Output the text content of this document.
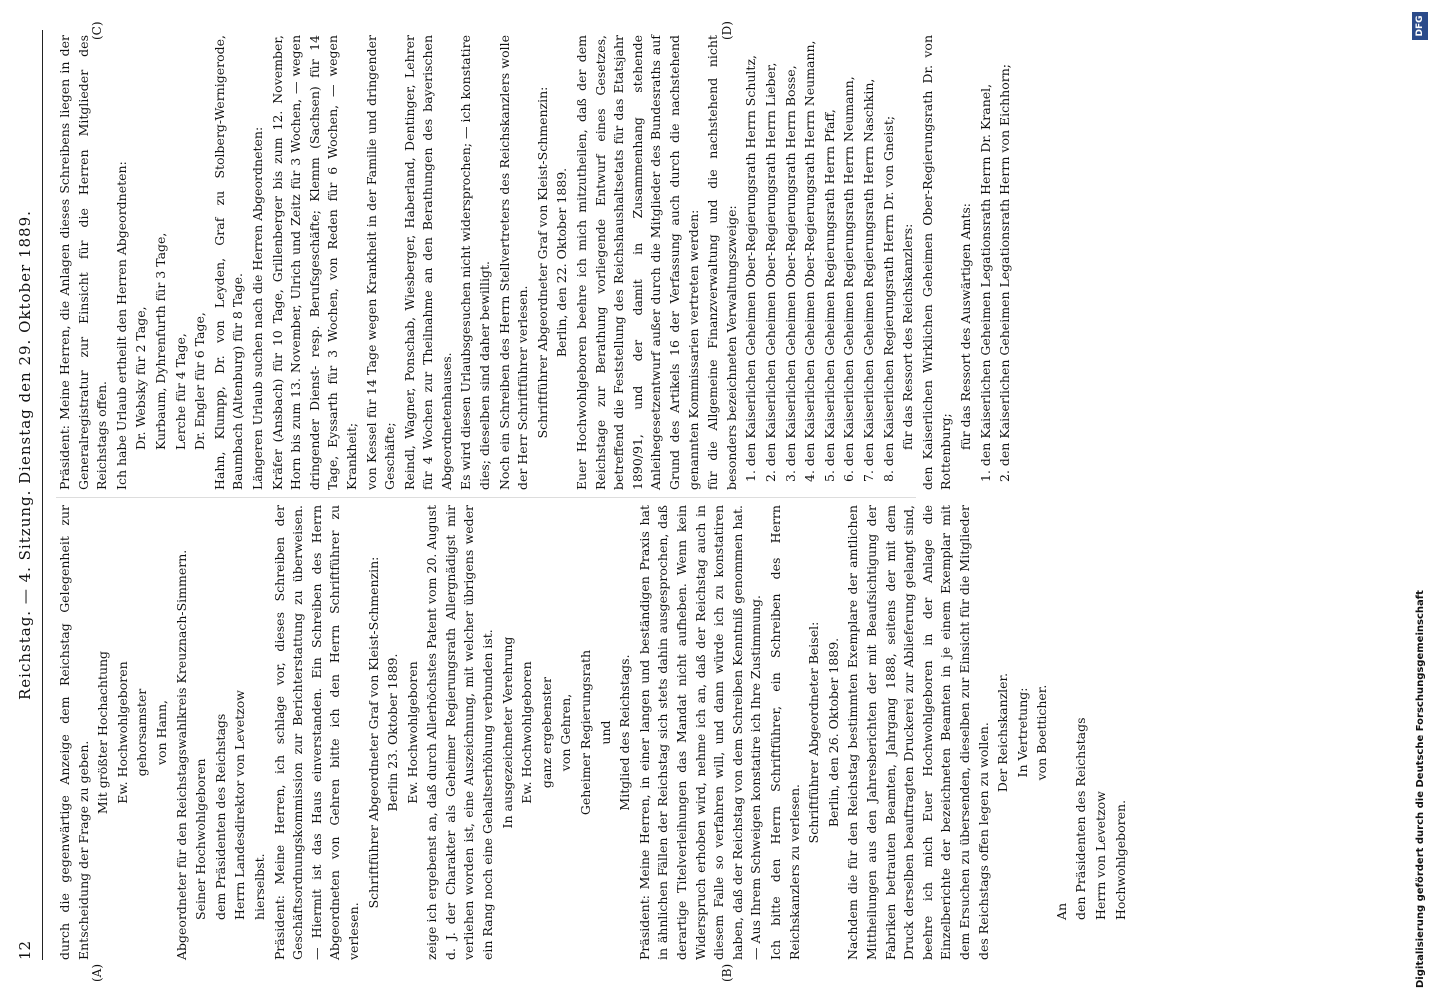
12
Reichstag. — 4. Sitzung. Dienstag den 29. Oktober 1889.
(A)	(B)
(C)	(D)

durch die gegenwärtige Anzeige dem Reichstag Gelegenheit zur Entscheidung der Frage zu geben.

Mit größter Hochachtung Ew. Hochwohlgeboren gehorsamster von Hann, Abgeordneter für den Reichstagswahlkreis Kreuznach-Simmern. Seiner Hochwohlgeboren dem Präsidenten des Reichstags Herrn Landesdirektor von Levetzow hierselbst. Präsident: Meine Herren, ich schlage vor, dieses Schreiben der Geschäftsordnungskommission zur Berichterstattung zu überweisen. — Hiermit ist das Haus einverstanden. Ein Schreiben des Herrn Abgeordneten von Gehren bitte ich den Herrn Schriftführer zu verlesen.

Schriftführer Abgeordneter Graf von Kleist-Schmenzin: Berlin 23. Oktober 1889. Ew. Hochwohlgeboren zeige ich ergebenst an, daß durch Allerhöchstes Patent vom 20. August d. J. der Charakter als Geheimer Regierungsrath Allergnädigst mir verliehen worden ist, eine Auszeichnung, mit welcher übrigens weder ein Rang noch eine Gehaltserhöhung verbunden ist. In ausgezeichneter Verehrung Ew. Hochwohlgeboren ganz ergebenster von Gehren, Geheimer Regierungsrath und Mitglied des Reichstags. Präsident: Meine Herren, in einer langen und beständigen Praxis hat in ähnlichen Fällen der Reichstag sich stets dahin ausgesprochen, daß derartige Titelverleihungen das Mandat nicht aufheben. Wenn kein Widerspruch erhoben wird, nehme ich an, daß der Reichstag auch in diesem Falle so verfahren will, und dann würde ich zu konstatiren haben, daß der Reichstag von dem Schreiben Kenntniß genommen hat. — Aus Ihrem Schweigen konstatire ich Ihre Zustimmung. Ich bitte den Herrn Schriftführer, ein Schreiben des Herrn Reichskanzlers zu verlesen.

Schriftführer Abgeordneter Beisel: Berlin, den 26. Oktober 1889. Nachdem die für den Reichstag bestimmten Exemplare der amtlichen Mittheilungen aus den Jahresberichten der mit Beaufsichtigung der Fabriken betrauten Beamten, Jahrgang 1888, seitens der mit dem Druck derselben beauftragten Druckerei zur Ablieferung gelangt sind, beehre ich mich Euer Hochwohlgeboren in der Anlage die Einzelberichte der bezeichneten Beamten in je einem Exemplar mit dem Ersuchen zu übersenden, dieselben zur Einsicht für die Mitglieder des Reichstags offen legen zu wollen. Der Reichskanzler. In Vertretung: von Boetticher.

An den Präsidenten des Reichstags Herrn von Levetzow Hochwohlgeboren.

Präsident: Meine Herren, die Anlagen dieses Schreibens liegen in der Generalregistratur zur Einsicht für die Herren Mitglieder des Reichstags offen. Ich habe Urlaub ertheilt den Herren Abgeordneten: Dr. Websky für 2 Tage, Kurbaum, Dyhrenfurth für 3 Tage, Lerche für 4 Tage, Dr. Engler für 6 Tage, Hahn, Klumpp, Dr. von Leyden, Graf zu Stolberg-Wernigerode, Baumbach (Altenburg) für 8 Tage. Längeren Urlaub suchen nach die Herren Abgeordneten: Kräfer (Ansbach) für 10 Tage, Grillenberger bis zum 12. November, Horn bis zum 13. November, Ulrich und Zeitz für 3 Wochen, — wegen dringender Dienst- resp. Berufsgeschäfte; Klemm (Sachsen) für 14 Tage, Eyssarth für 3 Wochen, von Reden für 6 Wochen, — wegen Krankheit; von Kessel für 14 Tage wegen Krankheit in der Familie und dringender Geschäfte; Reindl, Wagner, Ponschab, Wiesberger, Haberland, Dentinger, Lehrer für 4 Wochen zur Theilnahme an den Berathungen des bayerischen Abgeordnetenhauses. Es wird diesen Urlaubsgesuchen nicht widersprochen; — ich konstatire dies; dieselben sind daher bewilligt. Noch ein Schreiben des Herrn Stellvertreters des Reichskanzlers wolle der Herr Schriftführer verlesen. Schriftführer Abgeordneter Graf von Kleist-Schmenzin: Berlin, den 22. Oktober 1889. Euer Hochwohlgeboren beehre ich mich mitzutheilen, daß der dem Reichstage zur Berathung vorliegende Entwurf eines Gesetzes, betreffend die Feststellung des Reichshaushaltsetats für das Etatsjahr 1890/91, und der damit in Zusammenhang stehende Anleihegesetzentwurf außer durch die Mitglieder des Bundesraths auf Grund des Artikels 16 der Verfassung auch durch die nachstehend genannten Kommissarien vertreten werden: für die Allgemeine Finanzverwaltung und die nachstehend nicht besonders bezeichneten Verwaltungszweige: 1. den Kaiserlichen Geheimen Ober-Regierungsrath Herrn Schultz, 2. den Kaiserlichen Geheimen Ober-Regierungsrath Herrn Lieber, 3. den Kaiserlichen Geheimen Ober-Regierungsrath Herrn Bosse, 4. den Kaiserlichen Geheimen Ober-Regierungsrath Herrn Neumann, 5. den Kaiserlichen Geheimen Regierungsrath Herrn Pfaff, 6. den Kaiserlichen Geheimen Regierungsrath Herrn Neumann, 7. den Kaiserlichen Geheimen Regierungsrath Herrn Naschkin, 8. den Kaiserlichen Regierungsrath Herrn Dr. von Gneist; für das Ressort des Reichskanzlers: den Kaiserlichen Wirklichen Geheimen Ober-Regierungsrath Dr. von Rottenburg;

für das Ressort des Auswärtigen Amts: 1. den Kaiserlichen Geheimen Legationsrath Herrn Dr. Kranel, 2. den Kaiserlichen Geheimen Legationsrath Herrn von Eichhorn;

Digitalisierung gefördert durch die Deutsche Forschungsgemeinschaft
DFG
